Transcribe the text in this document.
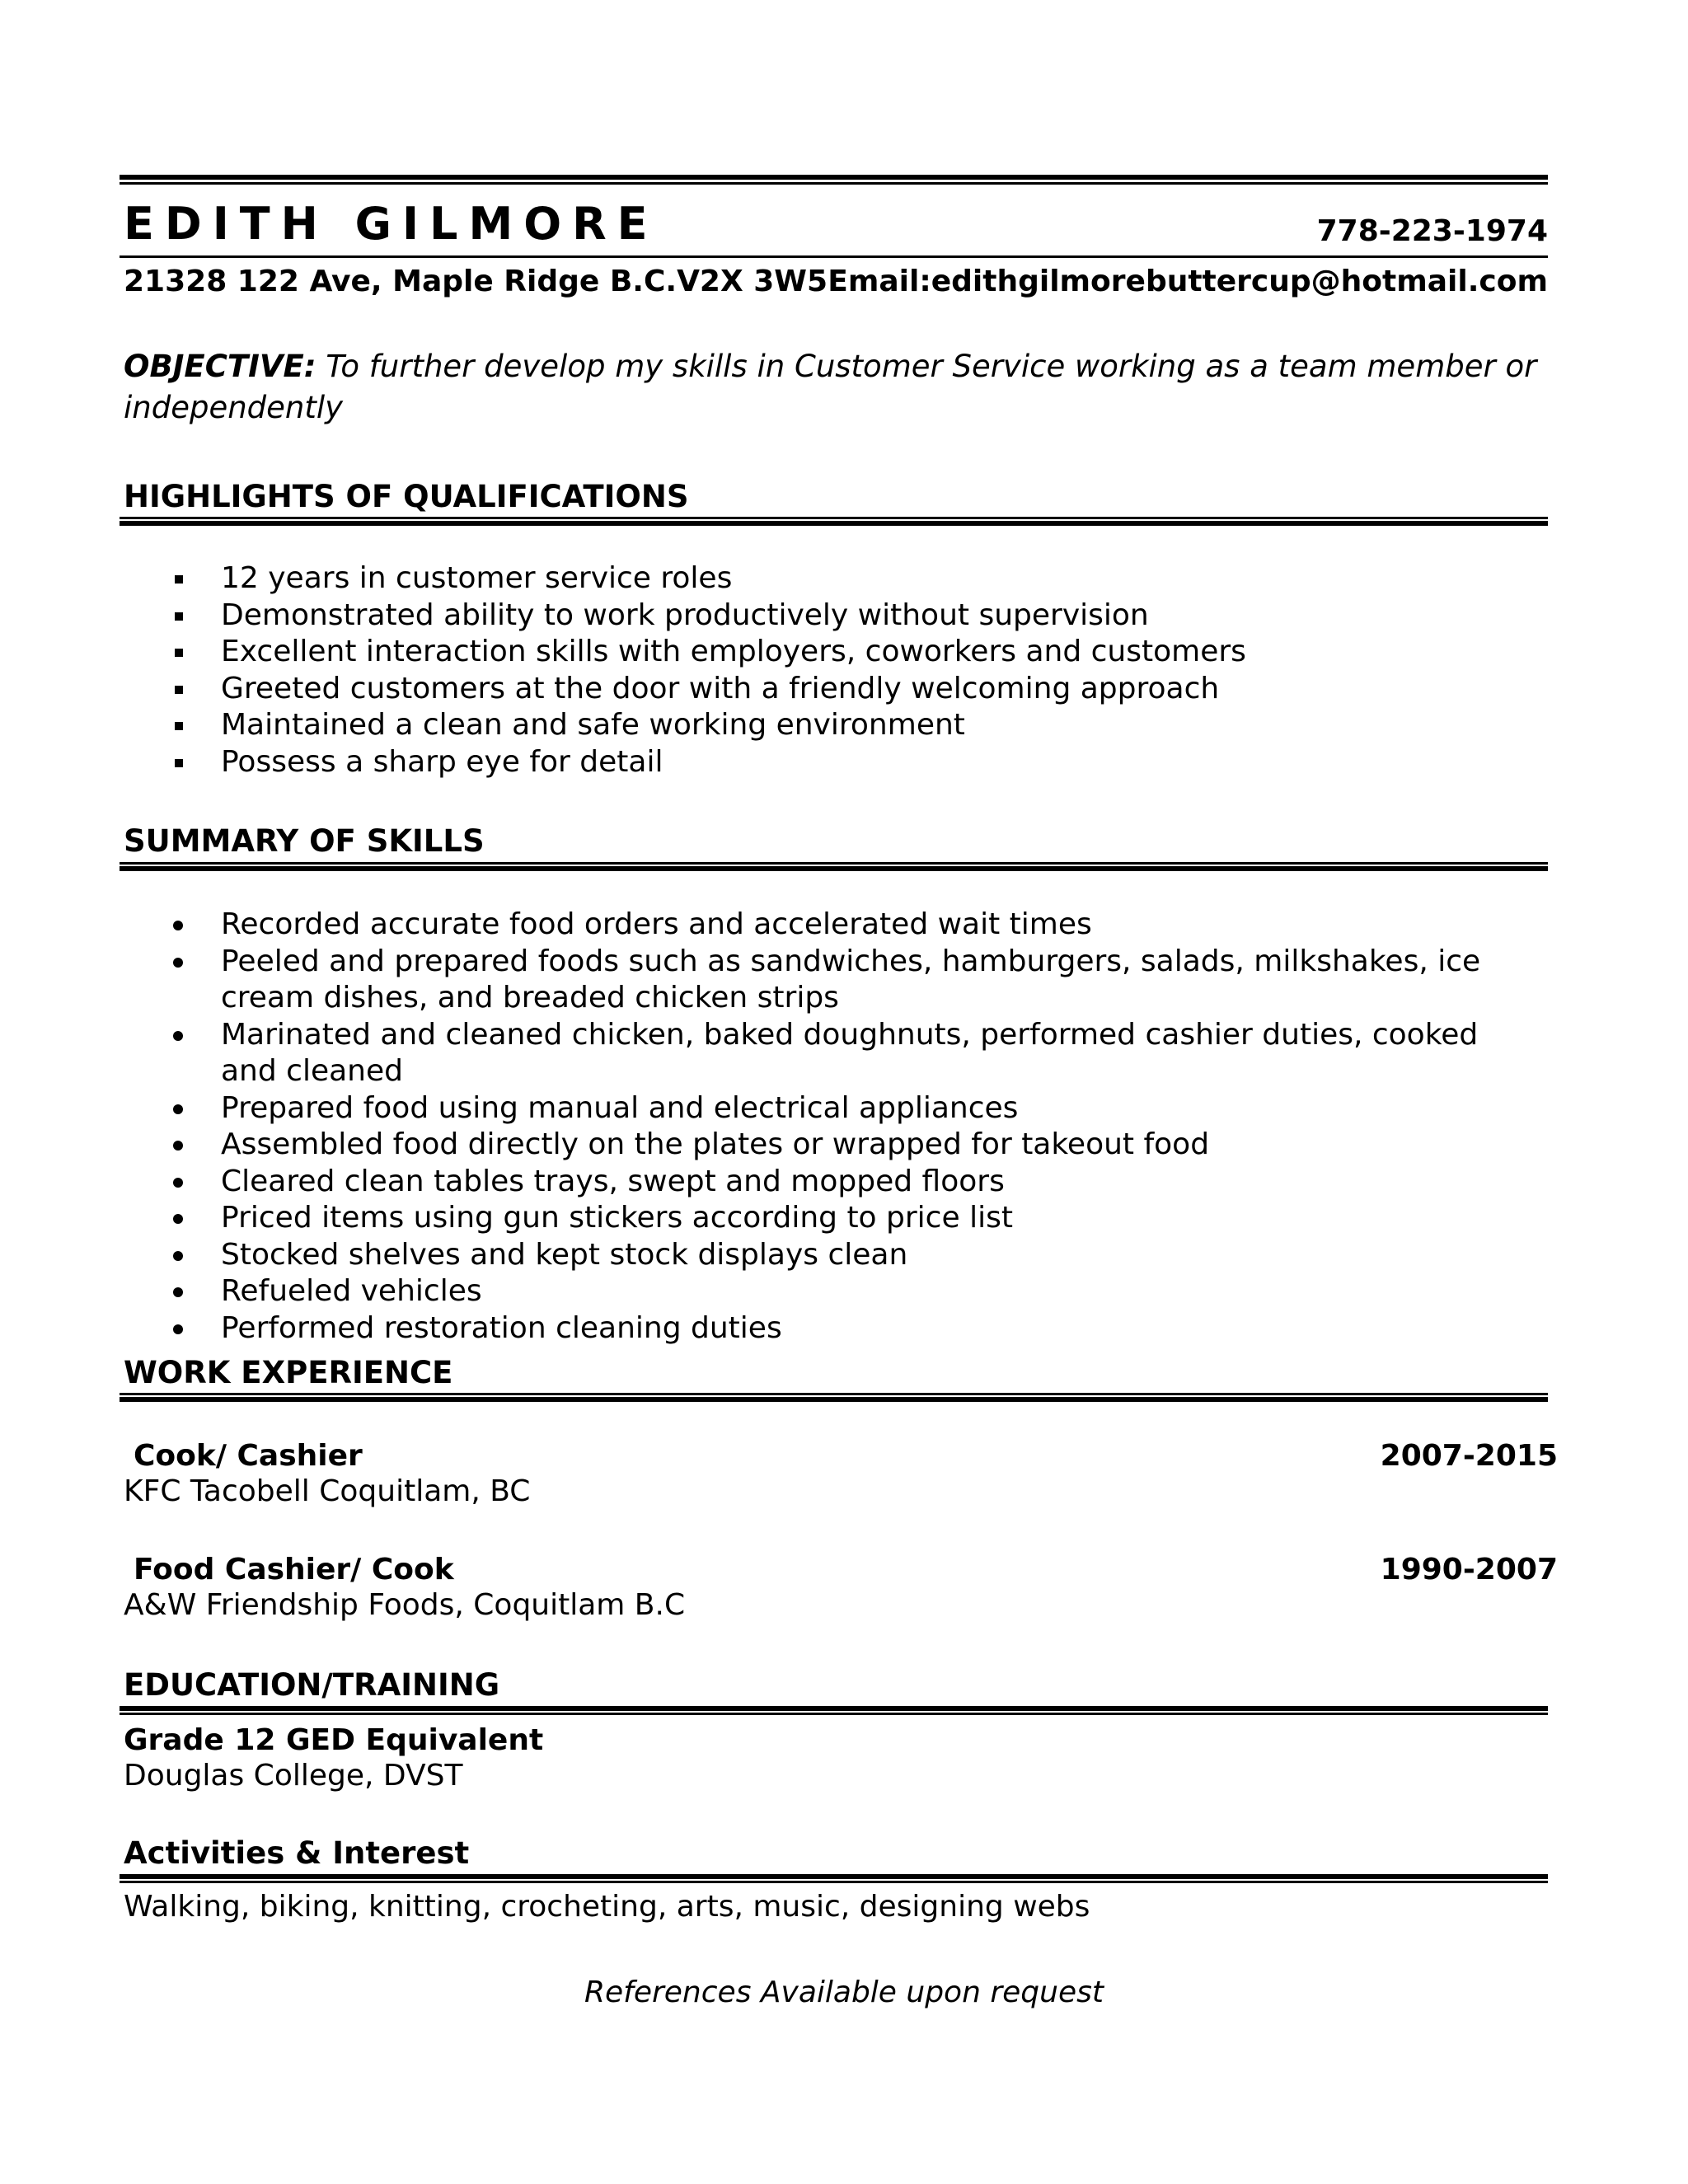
EDITH GILMORE	778-223-1974
21328 122 Ave, Maple Ridge B.C.V2X 3W5 Email:edithgilmorebuttercup@hotmail.com
OBJECTIVE: To further develop my skills in Customer Service working as a team member or independently
HIGHLIGHTS OF QUALIFICATIONS
12 years in customer service roles
Demonstrated ability to work productively without supervision
Excellent interaction skills with employers, coworkers and customers
Greeted customers at the door with a friendly welcoming approach
Maintained a clean and safe working environment
Possess a sharp eye for detail
SUMMARY OF SKILLS
Recorded accurate food orders and accelerated wait times
Peeled and prepared foods such as sandwiches, hamburgers, salads, milkshakes, ice cream dishes, and breaded chicken strips
Marinated and cleaned chicken, baked doughnuts, performed cashier duties, cooked and cleaned
Prepared food using manual and electrical appliances
Assembled food directly on the plates or wrapped for takeout food
Cleared clean tables trays, swept and mopped floors
Priced items using gun stickers according to price list
Stocked shelves and kept stock displays clean
Refueled vehicles
Performed restoration cleaning duties
WORK EXPERIENCE
Cook/ Cashier	2007-2015
KFC Tacobell Coquitlam, BC
Food Cashier/ Cook	1990-2007
A&W Friendship Foods, Coquitlam B.C
EDUCATION/TRAINING
Grade 12 GED Equivalent
Douglas College, DVST
Activities & Interest
Walking, biking, knitting, crocheting, arts, music, designing webs
References Available upon request
